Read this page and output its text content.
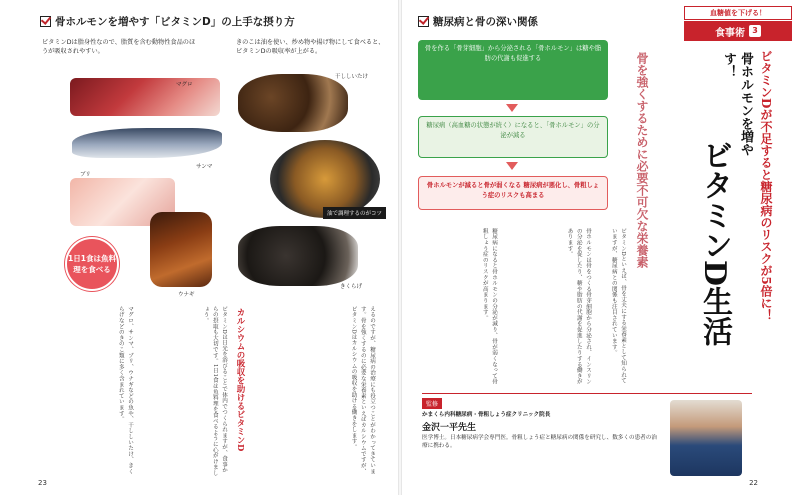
骨ホルモンを増やす「ビタミンD」の上手な摂り方
ビタミンDは脂身性なので、脂質を含む動物性食品のほうが吸収されやすい。
きのこは油を使い、炒め物や揚げ物にして食べると、ビタミンDの吸収率が上がる。
マグロ
サンマ
ブリ
ウナギ
1日1食は魚料理を食べる
干ししいたけ
油で調理するのがコツ
きくらげ
えるのですが、糖尿病の治療にも役立つことがわかってきています。骨を強くするのに必要な栄養素といえばカルシウムですが、ビタミンDはカルシウムの吸収を助ける働きをします。
カルシウムの吸収を助けるビタミンD
ビタミンDは日光を浴びることで体内でつくられますが、食事からの摂取も大切です。1日1食は魚料理を食べるように心がけましょう。
マグロ、サンマ、ブリ、ウナギなどの魚や、干ししいたけ、きくらげなどのきのこ類に多く含まれています。
23
糖尿病と骨の深い関係
骨を作る「骨芽細胞」から分泌される「骨ホルモン」は糖や脂肪の代謝も促進する
糖尿病（高血糖の状態が続く）になると、「骨ホルモン」の分泌が減る
骨ホルモンが減ると骨が弱くなる 糖尿病が悪化し、骨粗しょう症のリスクも高まる
血糖値を下げる！
食事術 3
ビタミンDが不足すると糖尿病のリスクが5倍に！
骨ホルモンを増やす！
ビタミンD生活
骨を強くするために必要不可欠な栄養素
ビタミンDといえば、骨を丈夫にする栄養素として知られていますが、糖尿病との関係も注目されています。
骨ホルモンは骨をつくる骨芽細胞から分泌され、インスリンの分泌を促したり、糖や脂肪の代謝を促進したりする働きがあります。
糖尿病になると骨ホルモンの分泌が減り、骨が弱くなって骨粗しょう症のリスクが高まります。
監修
かまくら内科糖尿病・骨粗しょう症クリニック院長
金沢一平先生
医学博士。日本糖尿病学会専門医。骨粗しょう症と糖尿病の関係を研究し、数多くの患者の治療に携わる。
22
